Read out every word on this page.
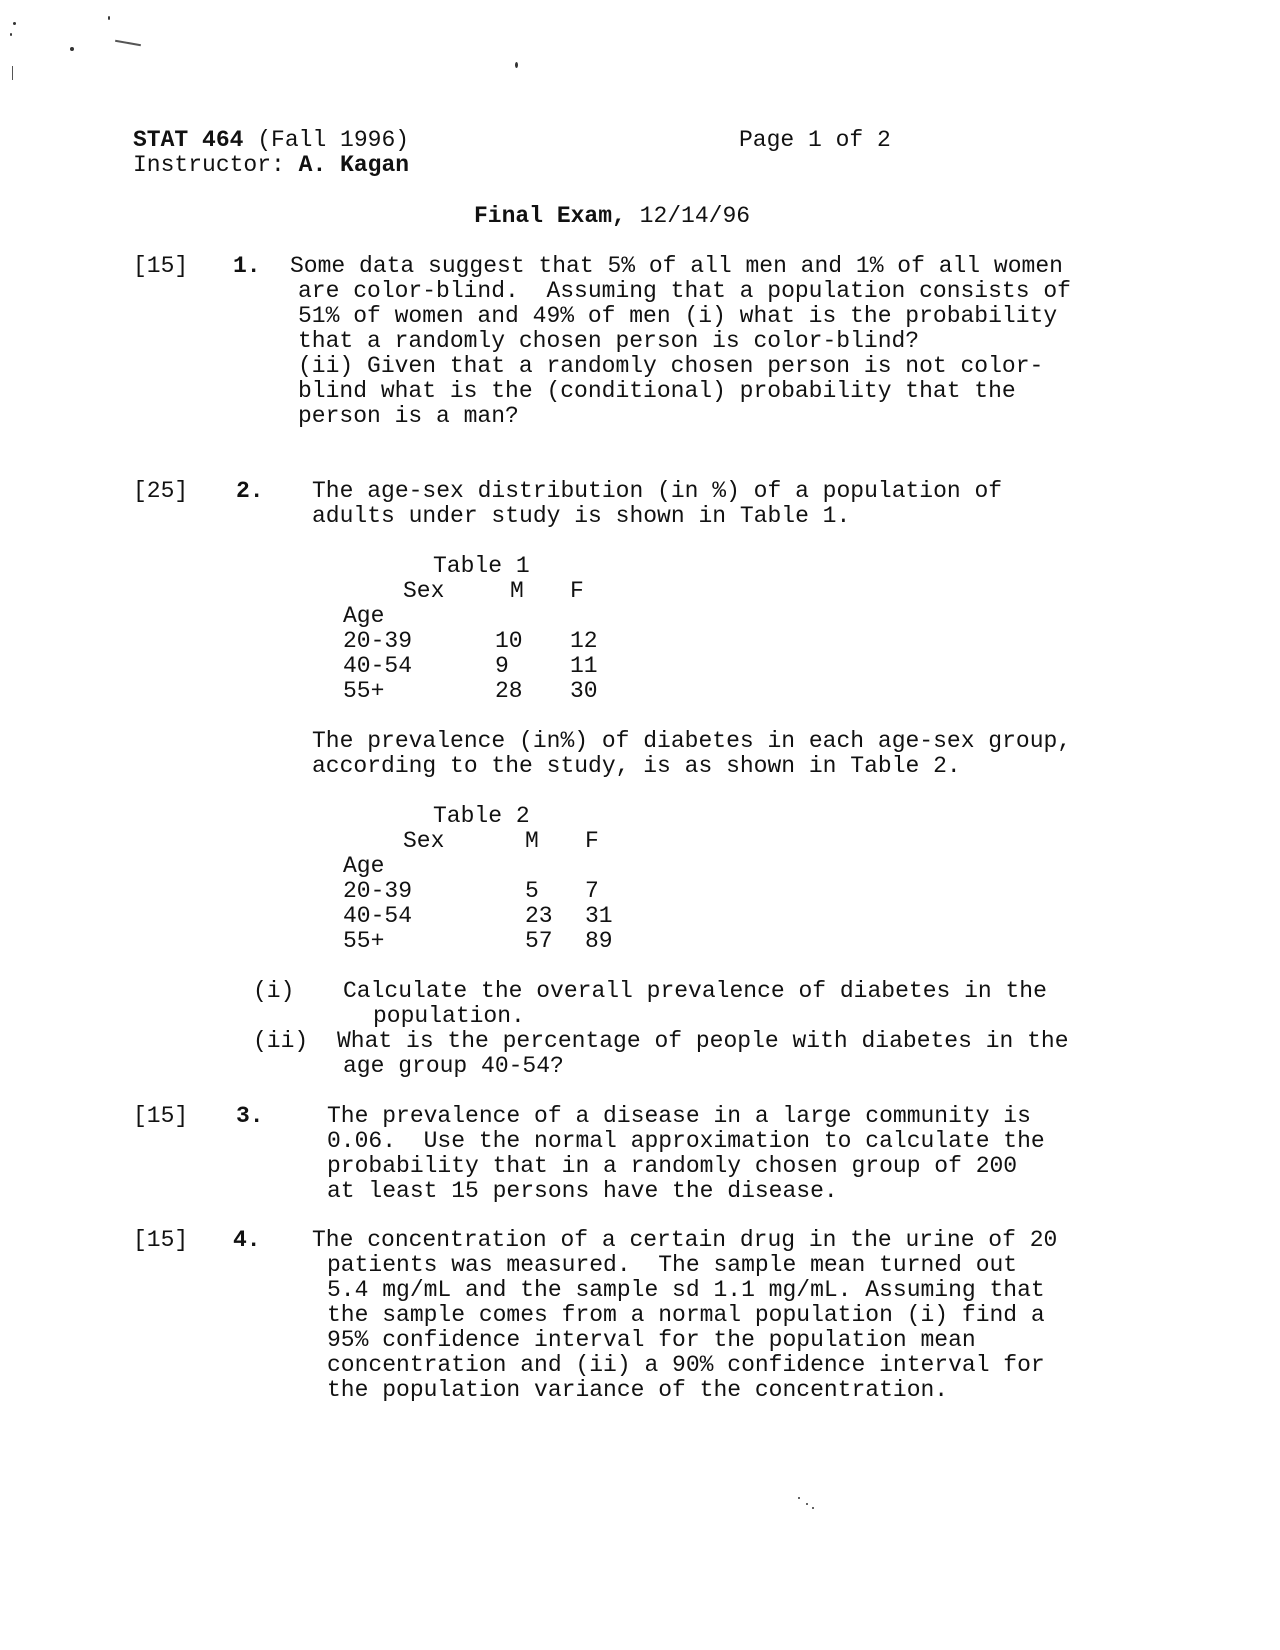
STAT 464 (Fall 1996)
Instructor: A. Kagan
Page 1 of 2
Final Exam, 12/14/96
[15] 1. Some data suggest that 5% of all men and 1% of all women
are color-blind.  Assuming that a population consists of
51% of women and 49% of men (i) what is the probability
that a randomly chosen person is color-blind?
(ii) Given that a randomly chosen person is not color-
blind what is the (conditional) probability that the
person is a man?
[25] 2. The age-sex distribution (in %) of a population of
adults under study is shown in Table 1.
Table 1
Sex	M F
Age
20-39	10 12
40-54	9	11
55+	28 30
The prevalence (in%) of diabetes in each age-sex group,
according to the study, is as shown in Table 2.
Table 2
Sex	M F
Age
20-39	5 7
40-54	23 31
55+	57 89
(i) Calculate the overall prevalence of diabetes in the
population.
(ii) What is the percentage of people with diabetes in the
age group 40-54?
[15] 3.	The prevalence of a disease in a large community is
0.06.  Use the normal approximation to calculate the
probability that in a randomly chosen group of 200
at least 15 persons have the disease.
[15] 4. The concentration of a certain drug in the urine of 20
patients was measured.  The sample mean turned out
5.4 mg/mL and the sample sd 1.1 mg/mL. Assuming that
the sample comes from a normal population (i) find a
95% confidence interval for the population mean
concentration and (ii) a 90% confidence interval for
the population variance of the concentration.
